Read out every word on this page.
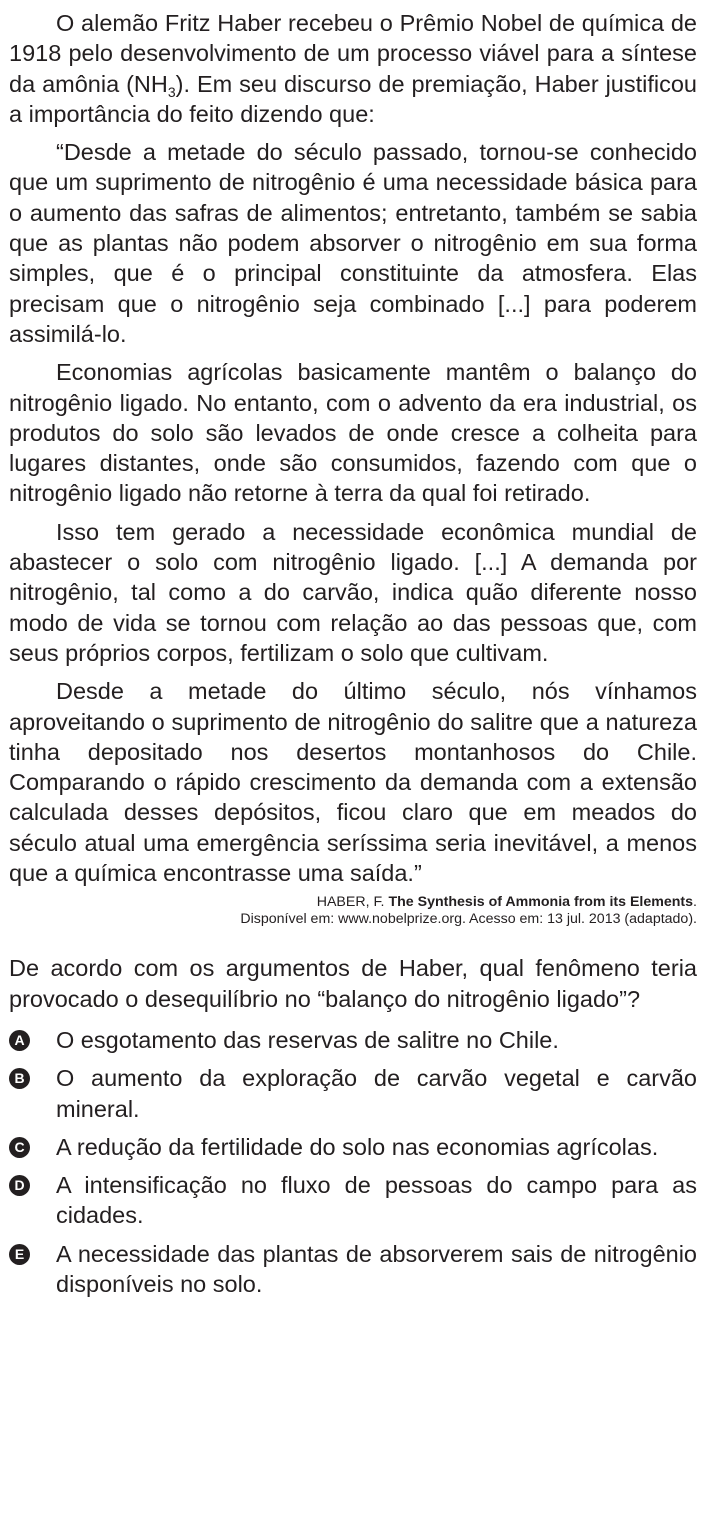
O alemão Fritz Haber recebeu o Prêmio Nobel de química de 1918 pelo desenvolvimento de um processo viável para a síntese da amônia $(NH_3)$. Em seu discurso de premiação, Haber justificou a importância do feito dizendo que:

“Desde a metade do século passado, tornou-se conhecido que um suprimento de nitrogênio é uma necessidade básica para o aumento das safras de alimentos; entretanto, também se sabia que as plantas não podem absorver o nitrogênio em sua forma simples, que é o principal constituinte da atmosfera. Elas precisam que o nitrogênio seja combinado [...] para poderem assimilá-lo.

Economias agrícolas basicamente mantêm o balanço do nitrogênio ligado. No entanto, com o advento da era industrial, os produtos do solo são levados de onde cresce a colheita para lugares distantes, onde são consumidos, fazendo com que o nitrogênio ligado não retorne à terra da qual foi retirado.

Isso tem gerado a necessidade econômica mundial de abastecer o solo com nitrogênio ligado. [...] A demanda por nitrogênio, tal como a do carvão, indica quão diferente nosso modo de vida se tornou com relação ao das pessoas que, com seus próprios corpos, fertilizam o solo que cultivam.

Desde a metade do último século, nós vínhamos aproveitando o suprimento de nitrogênio do salitre que a natureza tinha depositado nos desertos montanhosos do Chile. Comparando o rápido crescimento da demanda com a extensão calculada desses depósitos, ficou claro que em meados do século atual uma emergência seríssima seria inevitável, a menos que a química encontrasse uma saída.”

HABER, F. The Synthesis of Ammonia from its Elements.
Disponível em: www.nobelprize.org. Acesso em: 13 jul. 2013 (adaptado).

De acordo com os argumentos de Haber, qual fenômeno teria provocado o desequilíbrio no “balanço do nitrogênio ligado”?

A O esgotamento das reservas de salitre no Chile.
B O aumento da exploração de carvão vegetal e carvão mineral.
C A redução da fertilidade do solo nas economias agrícolas.
D A intensificação no fluxo de pessoas do campo para as cidades.
E A necessidade das plantas de absorverem sais de nitrogênio disponíveis no solo.
